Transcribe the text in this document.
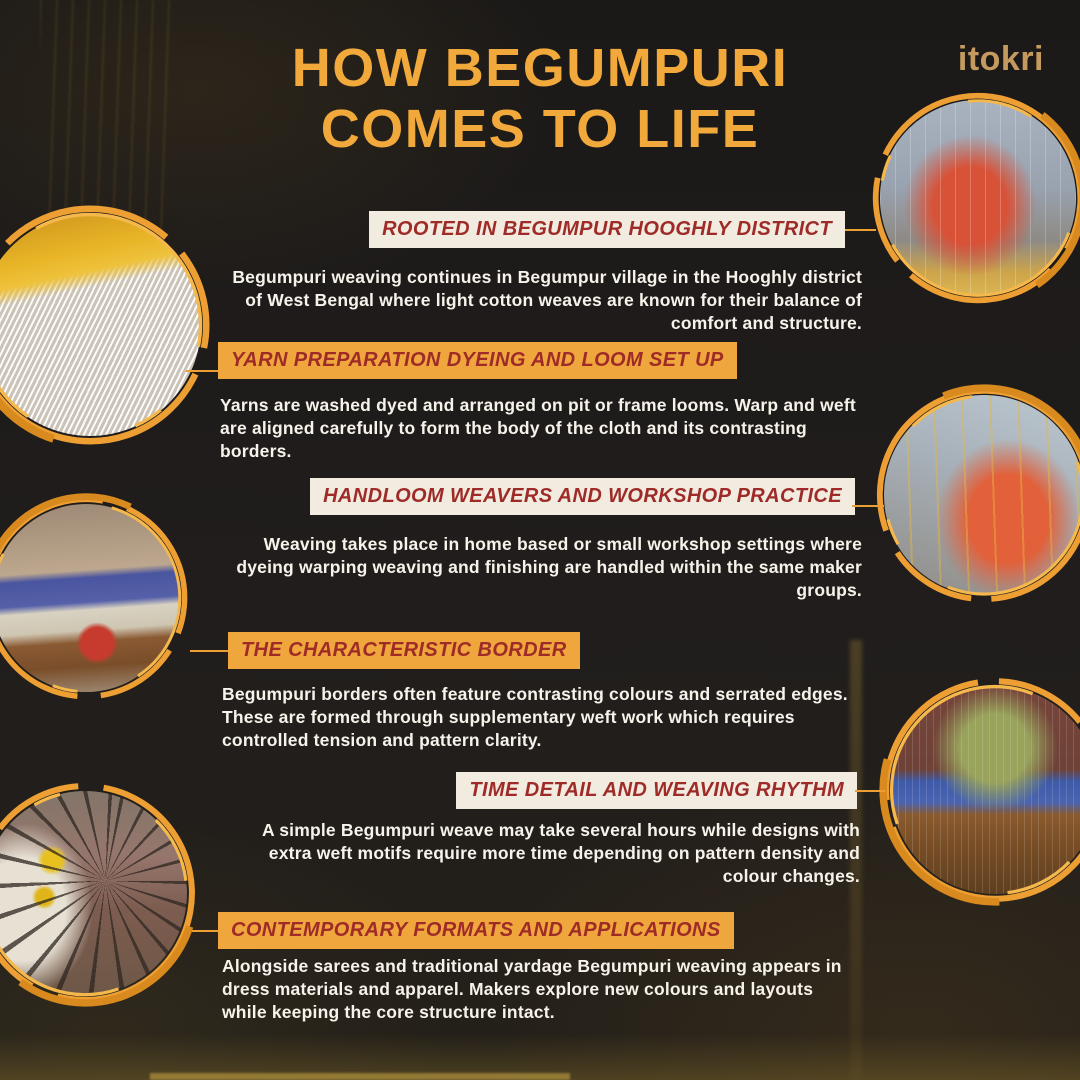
HOW BEGUMPURI
COMES TO LIFE
itokri
ROOTED IN BEGUMPUR HOOGHLY DISTRICT
Begumpuri weaving continues in Begumpur village in the Hooghly district of West Bengal where light cotton weaves are known for their balance of comfort and structure.
YARN PREPARATION DYEING AND LOOM SET UP
Yarns are washed dyed and arranged on pit or frame looms. Warp and weft are aligned carefully to form the body of the cloth and its contrasting borders.
HANDLOOM WEAVERS AND WORKSHOP PRACTICE
Weaving takes place in home based or small workshop settings where dyeing warping weaving and finishing are handled within the same maker groups.
THE CHARACTERISTIC BORDER
Begumpuri borders often feature contrasting colours and serrated edges. These are formed through supplementary weft work which requires controlled tension and pattern clarity.
TIME DETAIL AND WEAVING RHYTHM
A simple Begumpuri weave may take several hours while designs with extra weft motifs require more time depending on pattern density and colour changes.
CONTEMPORARY FORMATS AND APPLICATIONS
Alongside sarees and traditional yardage Begumpuri weaving appears in dress materials and apparel. Makers explore new colours and layouts while keeping the core structure intact.
